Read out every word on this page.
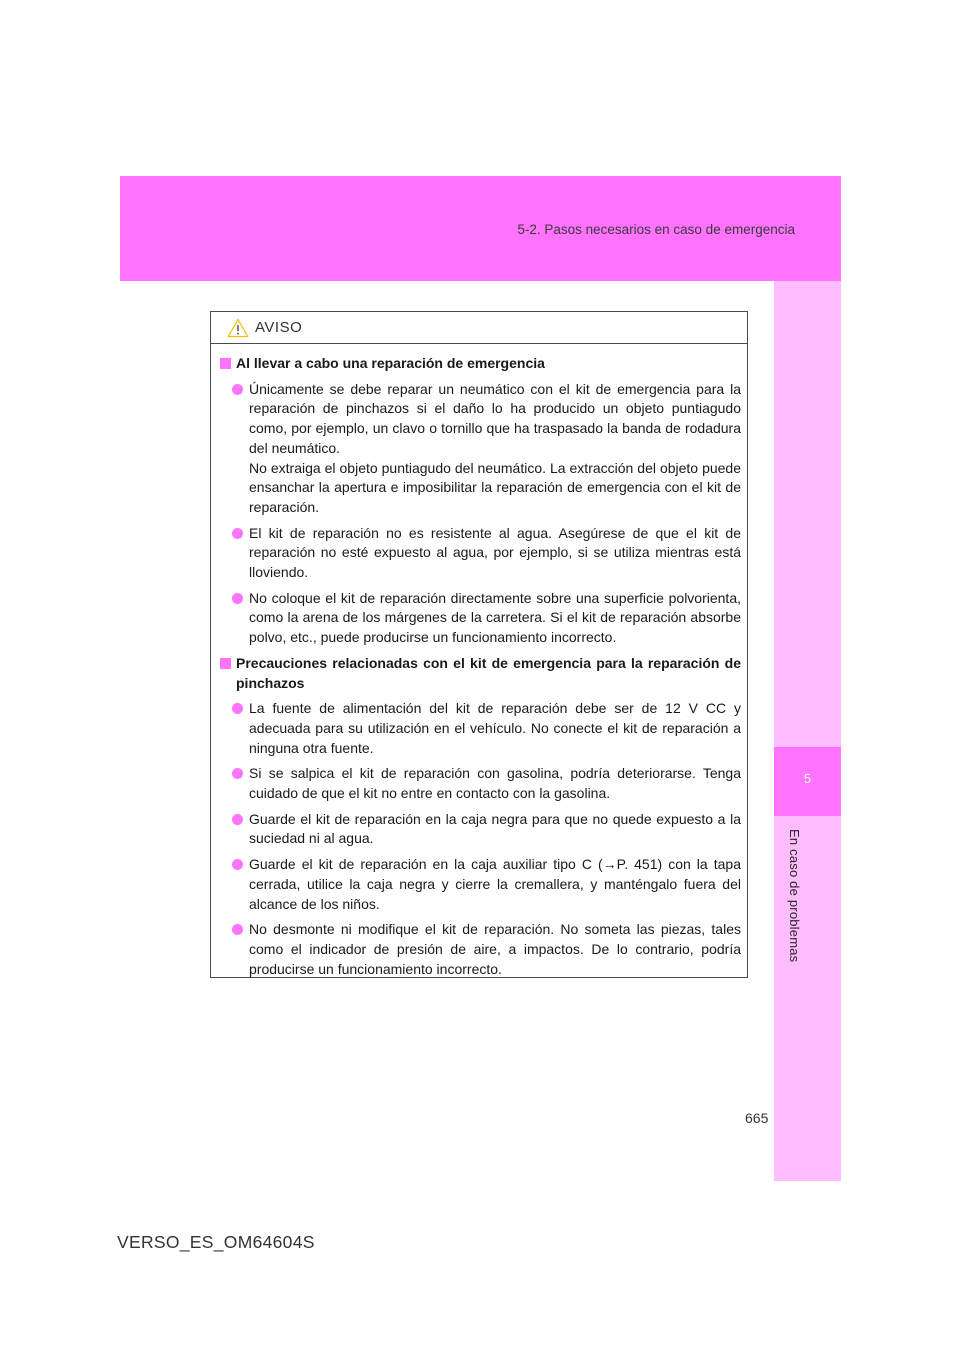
5-2. Pasos necesarios en caso de emergencia
5
En caso de problemas
AVISO
Al llevar a cabo una reparación de emergencia
Únicamente se debe reparar un neumático con el kit de emergencia para la reparación de pinchazos si el daño lo ha producido un objeto puntiagudo como, por ejemplo, un clavo o tornillo que ha traspasado la banda de rodadura del neumático.
No extraiga el objeto puntiagudo del neumático. La extracción del objeto puede ensanchar la apertura e imposibilitar la reparación de emergencia con el kit de reparación.
El kit de reparación no es resistente al agua. Asegúrese de que el kit de reparación no esté expuesto al agua, por ejemplo, si se utiliza mientras está lloviendo.
No coloque el kit de reparación directamente sobre una superficie polvorienta, como la arena de los márgenes de la carretera. Si el kit de reparación absorbe polvo, etc., puede producirse un funcionamiento incorrecto.
Precauciones relacionadas con el kit de emergencia para la reparación de pinchazos
La fuente de alimentación del kit de reparación debe ser de 12 V CC y adecuada para su utilización en el vehículo. No conecte el kit de reparación a ninguna otra fuente.
Si se salpica el kit de reparación con gasolina, podría deteriorarse. Tenga cuidado de que el kit no entre en contacto con la gasolina.
Guarde el kit de reparación en la caja negra para que no quede expuesto a la suciedad ni al agua.
Guarde el kit de reparación en la caja auxiliar tipo C (→P. 451) con la tapa cerrada, utilice la caja negra y cierre la cremallera, y manténgalo fuera del alcance de los niños.
No desmonte ni modifique el kit de reparación. No someta las piezas, tales como el indicador de presión de aire, a impactos. De lo contrario, podría producirse un funcionamiento incorrecto.
665
VERSO_ES_OM64604S
